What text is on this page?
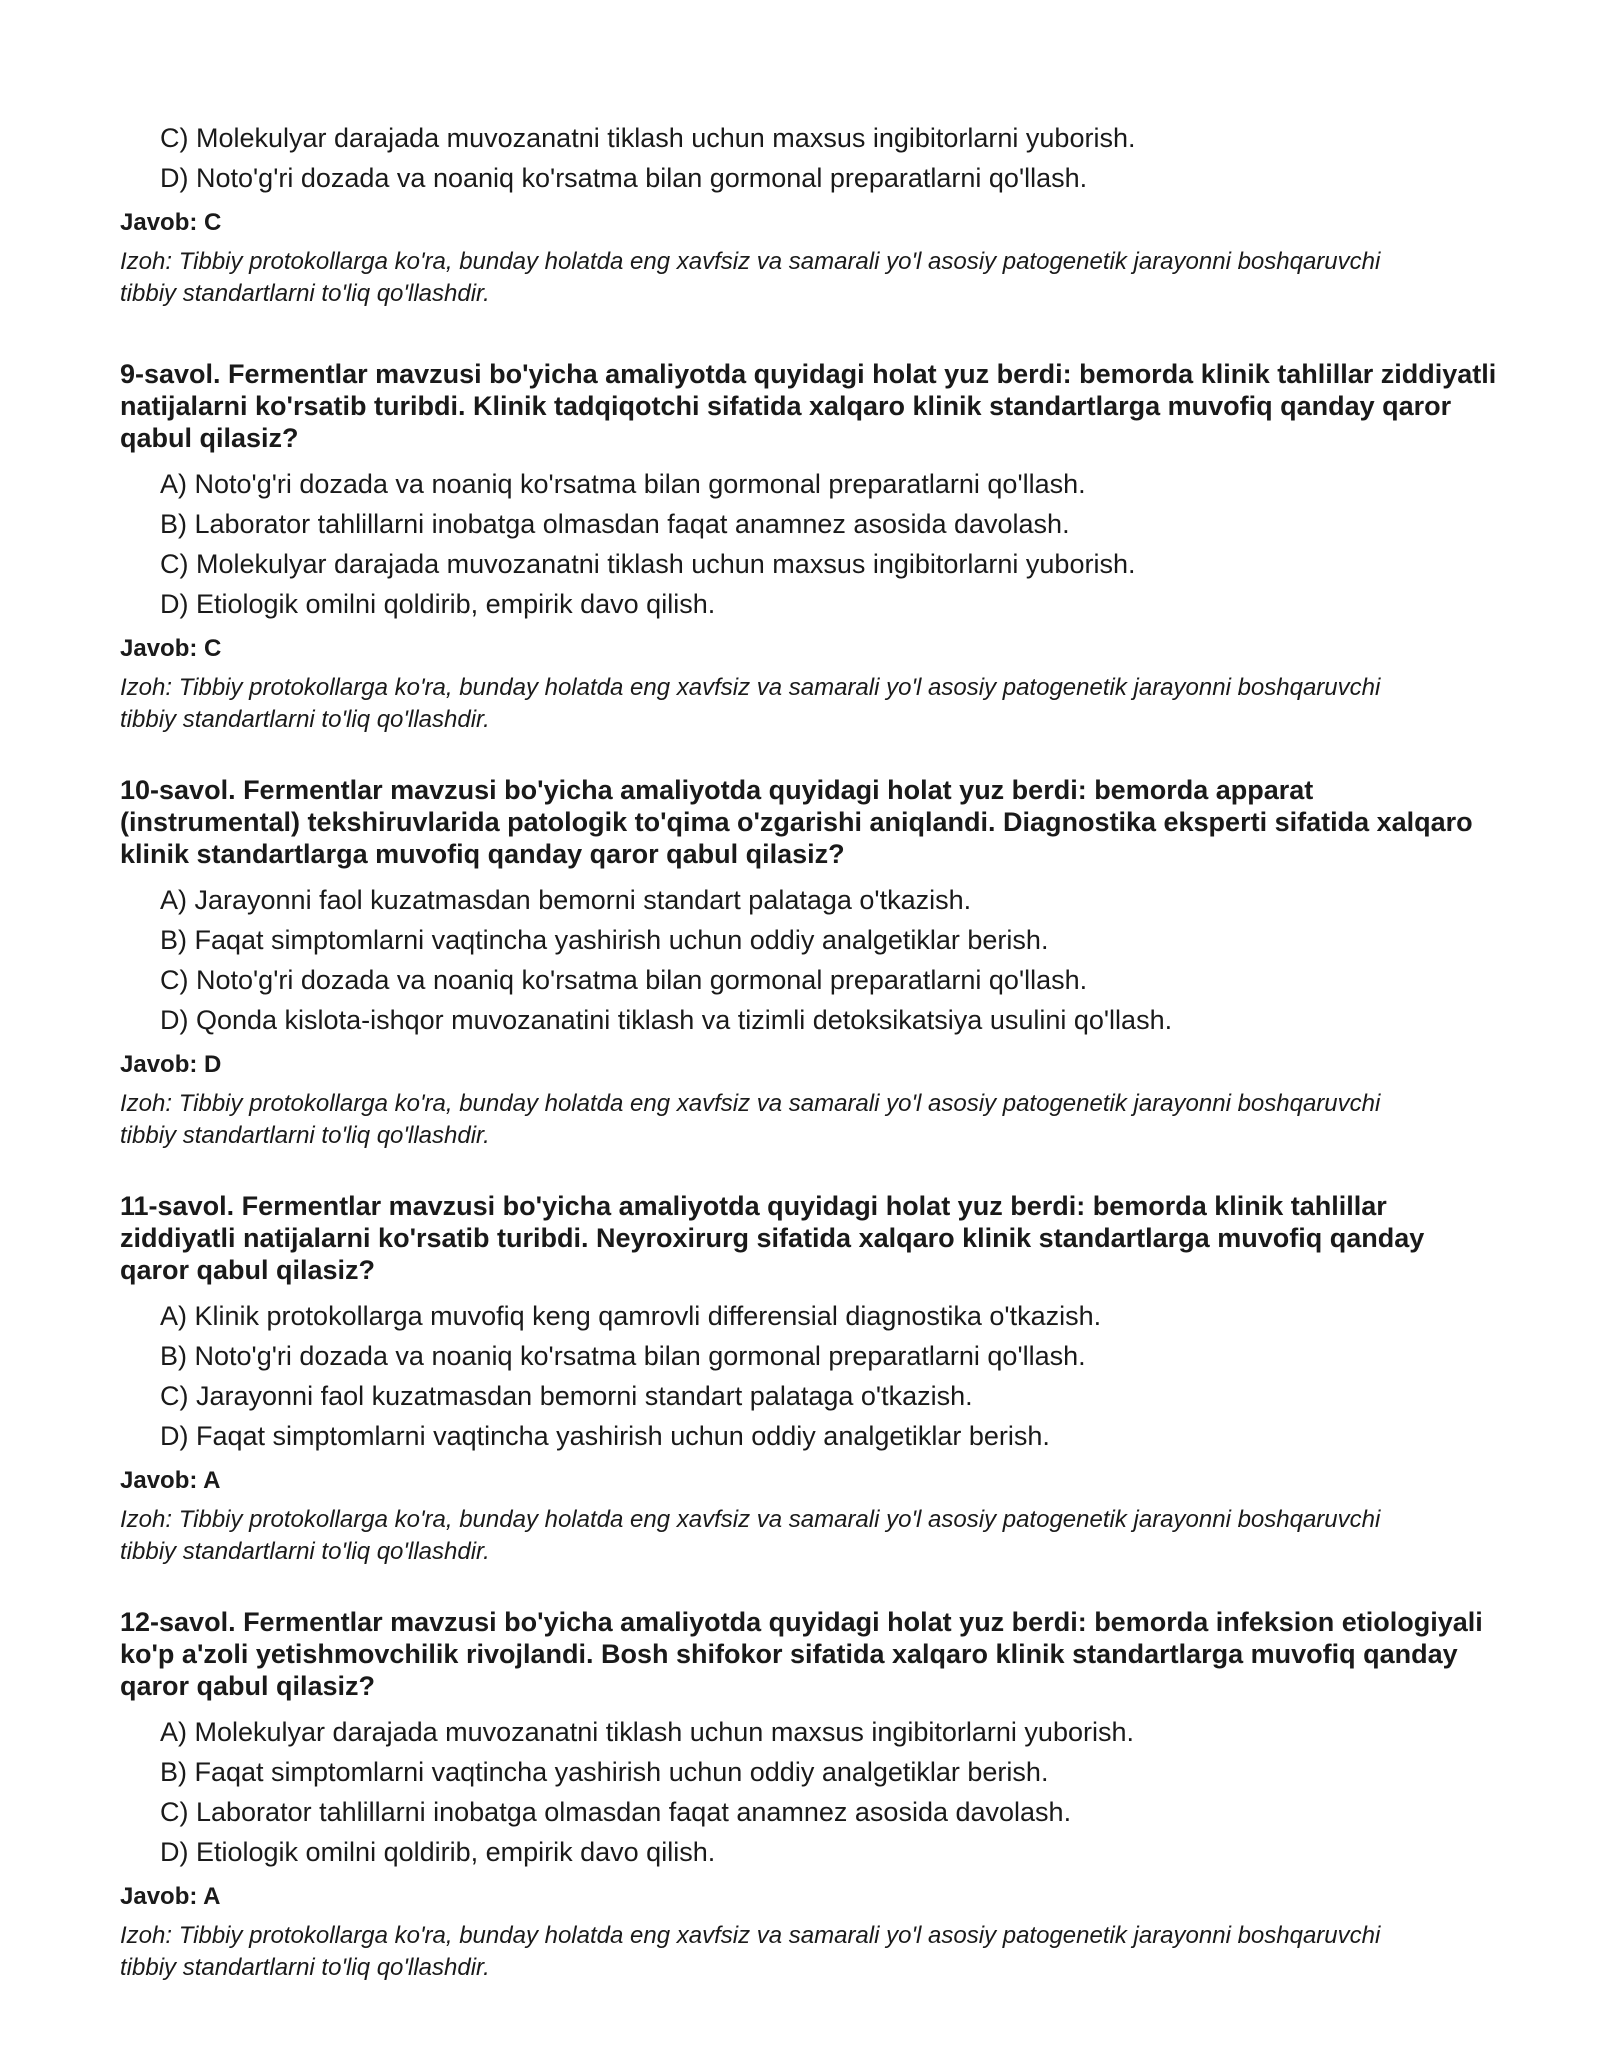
C) Molekulyar darajada muvozanatni tiklash uchun maxsus ingibitorlarni yuborish.
D) Noto'g'ri dozada va noaniq ko'rsatma bilan gormonal preparatlarni qo'llash.
Javob: C
Izoh: Tibbiy protokollarga ko'ra, bunday holatda eng xavfsiz va samarali yo'l asosiy patogenetik jarayonni boshqaruvchi tibbiy standartlarni to'liq qo'llashdir.
9-savol. Fermentlar mavzusi bo'yicha amaliyotda quyidagi holat yuz berdi: bemorda klinik tahlillar ziddiyatli natijalarni ko'rsatib turibdi. Klinik tadqiqotchi sifatida xalqaro klinik standartlarga muvofiq qanday qaror qabul qilasiz?
A) Noto'g'ri dozada va noaniq ko'rsatma bilan gormonal preparatlarni qo'llash.
B) Laborator tahlillarni inobatga olmasdan faqat anamnez asosida davolash.
C) Molekulyar darajada muvozanatni tiklash uchun maxsus ingibitorlarni yuborish.
D) Etiologik omilni qoldirib, empirik davo qilish.
Javob: C
Izoh: Tibbiy protokollarga ko'ra, bunday holatda eng xavfsiz va samarali yo'l asosiy patogenetik jarayonni boshqaruvchi tibbiy standartlarni to'liq qo'llashdir.
10-savol. Fermentlar mavzusi bo'yicha amaliyotda quyidagi holat yuz berdi: bemorda apparat (instrumental) tekshiruvlarida patologik to'qima o'zgarishi aniqlandi. Diagnostika eksperti sifatida xalqaro klinik standartlarga muvofiq qanday qaror qabul qilasiz?
A) Jarayonni faol kuzatmasdan bemorni standart palataga o'tkazish.
B) Faqat simptomlarni vaqtincha yashirish uchun oddiy analgetiklar berish.
C) Noto'g'ri dozada va noaniq ko'rsatma bilan gormonal preparatlarni qo'llash.
D) Qonda kislota-ishqor muvozanatini tiklash va tizimli detoksikatsiya usulini qo'llash.
Javob: D
Izoh: Tibbiy protokollarga ko'ra, bunday holatda eng xavfsiz va samarali yo'l asosiy patogenetik jarayonni boshqaruvchi tibbiy standartlarni to'liq qo'llashdir.
11-savol. Fermentlar mavzusi bo'yicha amaliyotda quyidagi holat yuz berdi: bemorda klinik tahlillar ziddiyatli natijalarni ko'rsatib turibdi. Neyroxirurg sifatida xalqaro klinik standartlarga muvofiq qanday qaror qabul qilasiz?
A) Klinik protokollarga muvofiq keng qamrovli differensial diagnostika o'tkazish.
B) Noto'g'ri dozada va noaniq ko'rsatma bilan gormonal preparatlarni qo'llash.
C) Jarayonni faol kuzatmasdan bemorni standart palataga o'tkazish.
D) Faqat simptomlarni vaqtincha yashirish uchun oddiy analgetiklar berish.
Javob: A
Izoh: Tibbiy protokollarga ko'ra, bunday holatda eng xavfsiz va samarali yo'l asosiy patogenetik jarayonni boshqaruvchi tibbiy standartlarni to'liq qo'llashdir.
12-savol. Fermentlar mavzusi bo'yicha amaliyotda quyidagi holat yuz berdi: bemorda infeksion etiologiyali ko'p a'zoli yetishmovchilik rivojlandi. Bosh shifokor sifatida xalqaro klinik standartlarga muvofiq qanday qaror qabul qilasiz?
A) Molekulyar darajada muvozanatni tiklash uchun maxsus ingibitorlarni yuborish.
B) Faqat simptomlarni vaqtincha yashirish uchun oddiy analgetiklar berish.
C) Laborator tahlillarni inobatga olmasdan faqat anamnez asosida davolash.
D) Etiologik omilni qoldirib, empirik davo qilish.
Javob: A
Izoh: Tibbiy protokollarga ko'ra, bunday holatda eng xavfsiz va samarali yo'l asosiy patogenetik jarayonni boshqaruvchi tibbiy standartlarni to'liq qo'llashdir.
